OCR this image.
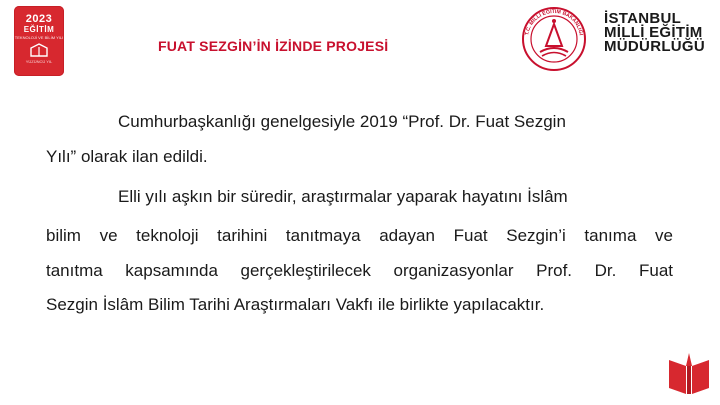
2023
EĞİTİM
TEKNOLOJİ VE BİLİM YILI
YÜZÜNCÜ YIL
FUAT SEZGİN’İN İZİNDE PROJESİ
T.C. MİLLİ EĞİTİM BAKANLIĞI
İSTANBUL
MİLLİ EĞİTİM
MÜDÜRLÜĞÜ
Cumhurbaşkanlığı genelgesiyle 2019 “Prof. Dr. Fuat Sezgin
Yılı” olarak ilan edildi.
Elli yılı aşkın bir süredir, araştırmalar yaparak hayatını İslâm
bilim ve teknoloji tarihini tanıtmaya adayan Fuat Sezgin’i tanıma ve
tanıtma kapsamında gerçekleştirilecek organizasyonlar Prof. Dr. Fuat
Sezgin İslâm Bilim Tarihi Araştırmaları Vakfı ile birlikte yapılacaktır.
